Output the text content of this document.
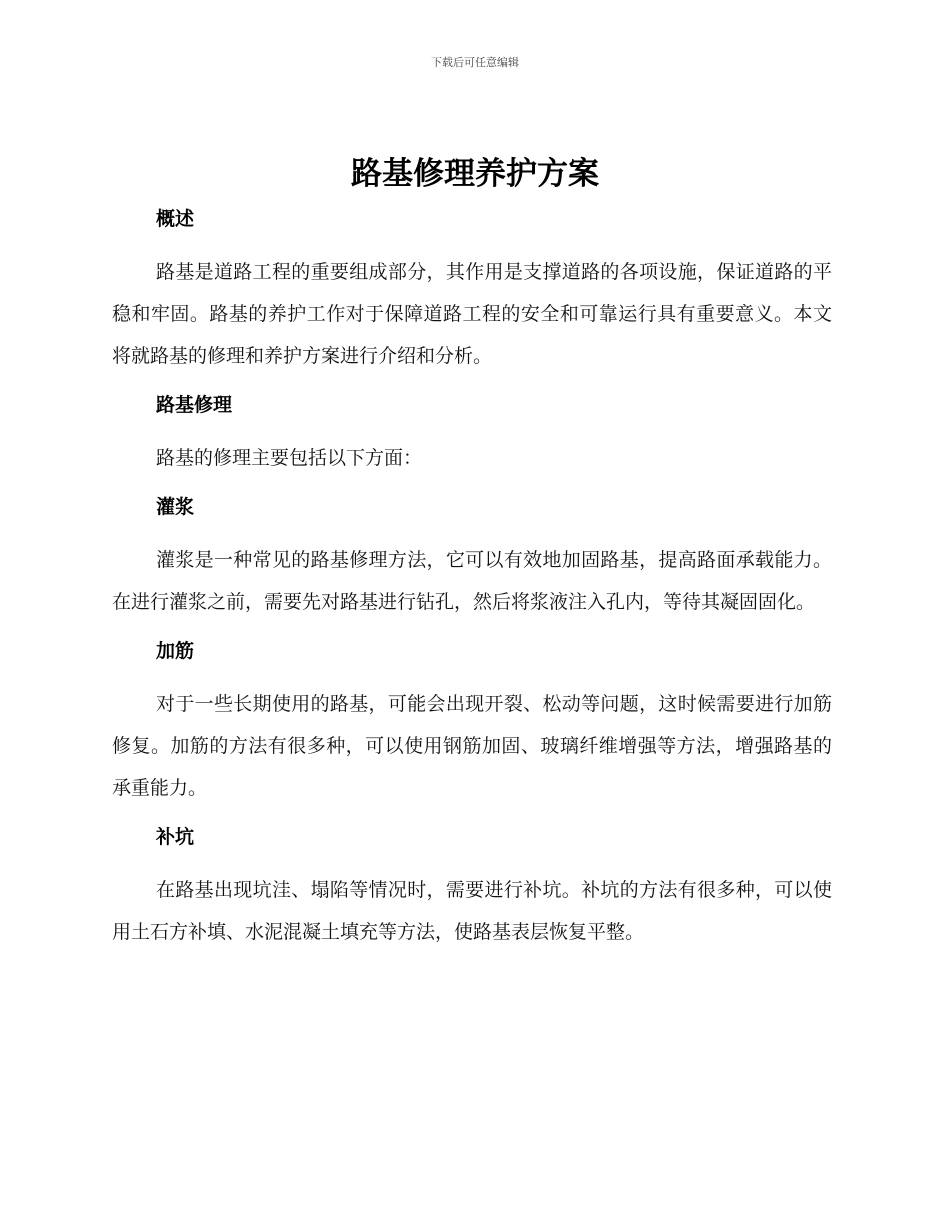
下载后可任意编辑
路基修理养护方案
概述

路基是道路工程的重要组成部分，其作用是支撑道路的各项设施，保证道路的平稳和牢固。路基的养护工作对于保障道路工程的安全和可靠运行具有重要意义。本文将就路基的修理和养护方案进行介绍和分析。

路基修理

路基的修理主要包括以下方面：

灌浆

灌浆是一种常见的路基修理方法，它可以有效地加固路基，提高路面承载能力。在进行灌浆之前，需要先对路基进行钻孔，然后将浆液注入孔内，等待其凝固固化。

加筋

对于一些长期使用的路基，可能会出现开裂、松动等问题，这时候需要进行加筋修复。加筋的方法有很多种，可以使用钢筋加固、玻璃纤维增强等方法，增强路基的承重能力。

补坑

在路基出现坑洼、塌陷等情况时，需要进行补坑。补坑的方法有很多种，可以使用土石方补填、水泥混凝土填充等方法，使路基表层恢复平整。
